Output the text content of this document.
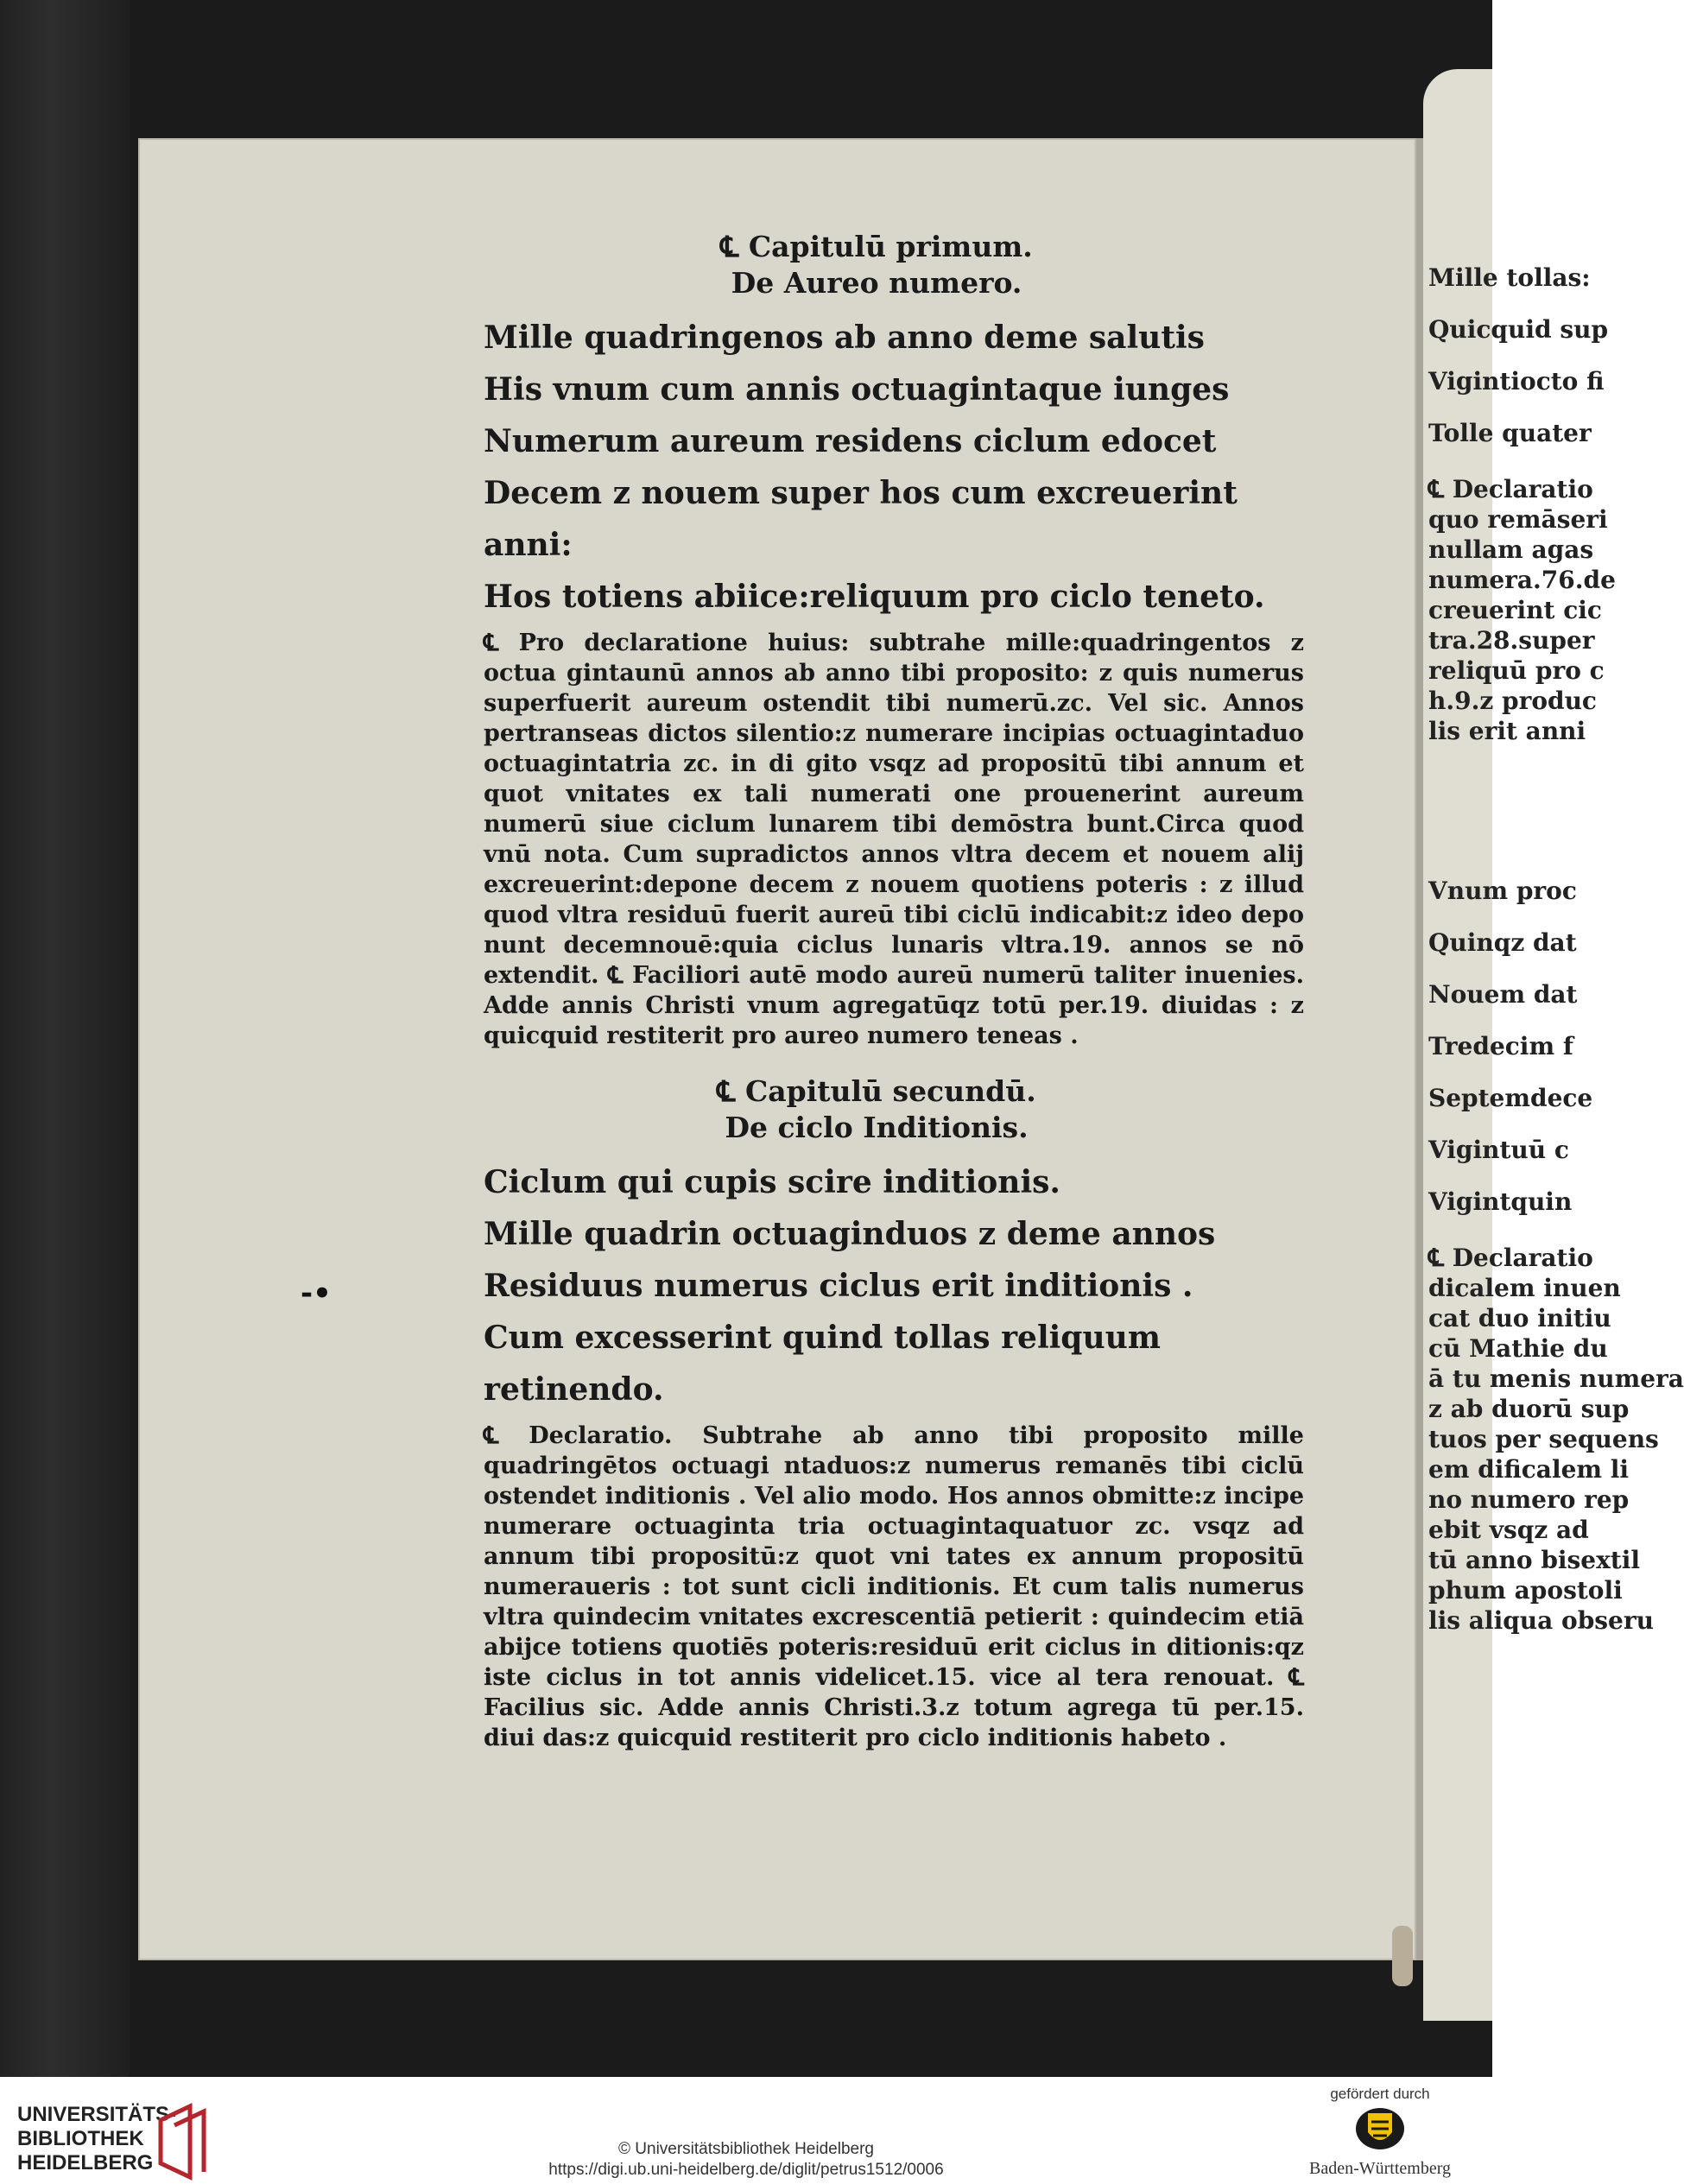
-•
℄ Capitulū primum.
De Aureo numero.
Mille quadringenos ab anno deme salutis
His vnum cum annis octuagintaque iunges
Numerum aureum residens ciclum edocet
Decem z nouem super hos cum excreuerint anni:
Hos totiens abiice:reliquum pro ciclo teneto.
℄ Pro declaratione huius: subtrahe mille:quadringentos z octua gintaunū annos ab anno tibi proposito: z quis numerus superfuerit aureum ostendit tibi numerū.zc. Vel sic. Annos pertranseas dictos silentio:z numerare incipias octuagintaduo octuagintatria zc. in di gito vsqz ad propositū tibi annum et quot vnitates ex tali numerati one prouenerint aureum numerū siue ciclum lunarem tibi demōstra bunt.Circa quod vnū nota. Cum supradictos annos vltra decem et nouem alij excreuerint:depone decem z nouem quotiens poteris : z illud quod vltra residuū fuerit aureū tibi ciclū indicabit:z ideo depo nunt decemnouē:quia ciclus lunaris vltra.19. annos se nō extendit. ℄ Faciliori autē modo aureū numerū taliter inuenies. Adde annis Christi vnum agregatūqz totū per.19. diuidas : z quicquid restiterit pro aureo numero teneas .
℄ Capitulū secundū.
De ciclo Inditionis.
Ciclum qui cupis scire inditionis.
Mille quadrin octuaginduos z deme annos
Residuus numerus ciclus erit inditionis .
Cum excesserint quind tollas reliquum retinendo.
℄ Declaratio. Subtrahe ab anno tibi proposito mille quadringētos octuagi ntaduos:z numerus remanēs tibi ciclū ostendet inditionis . Vel alio modo. Hos annos obmitte:z incipe numerare octuaginta tria octuagintaquatuor zc. vsqz ad annum tibi propositū:z quot vni tates ex annum propositū numeraueris : tot sunt cicli inditionis. Et cum talis numerus vltra quindecim vnitates excrescentiā petierit : quindecim etiā abijce totiens quotiēs poteris:residuū erit ciclus in ditionis:qz iste ciclus in tot annis videlicet.15. vice al tera renouat. ℄ Facilius sic. Adde annis Christi.3.z totum agrega tū per.15. diui das:z quicquid restiterit pro ciclo inditionis habeto .
Mille tollas:
Quicquid sup
Vigintiocto fi
Tolle quater
℄ Declaratio
quo remāseri
nullam agas
numera.76.de
creuerint cic
tra.28.super
reliquū pro c
h.9.z produc
lis erit anni
Vnum proc
Quinqz dat
Nouem dat
Tredecim f
Septemdece
Vigintuū c
Vigintquin
℄ Declaratio
dicalem inuen
cat duo initiu
cū Mathie du
ā tu menis numera
z ab duorū sup
tuos per sequens
em dificalem li
no numero rep
ebit vsqz ad
tū anno bisextil
phum apostoli
lis aliqua obseru
UNIVERSITÄTS-
BIBLIOTHEK
HEIDELBERG
© Universitätsbibliothek Heidelberg
https://digi.ub.uni-heidelberg.de/diglit/petrus1512/0006
gefördert durch
Baden-Württemberg
